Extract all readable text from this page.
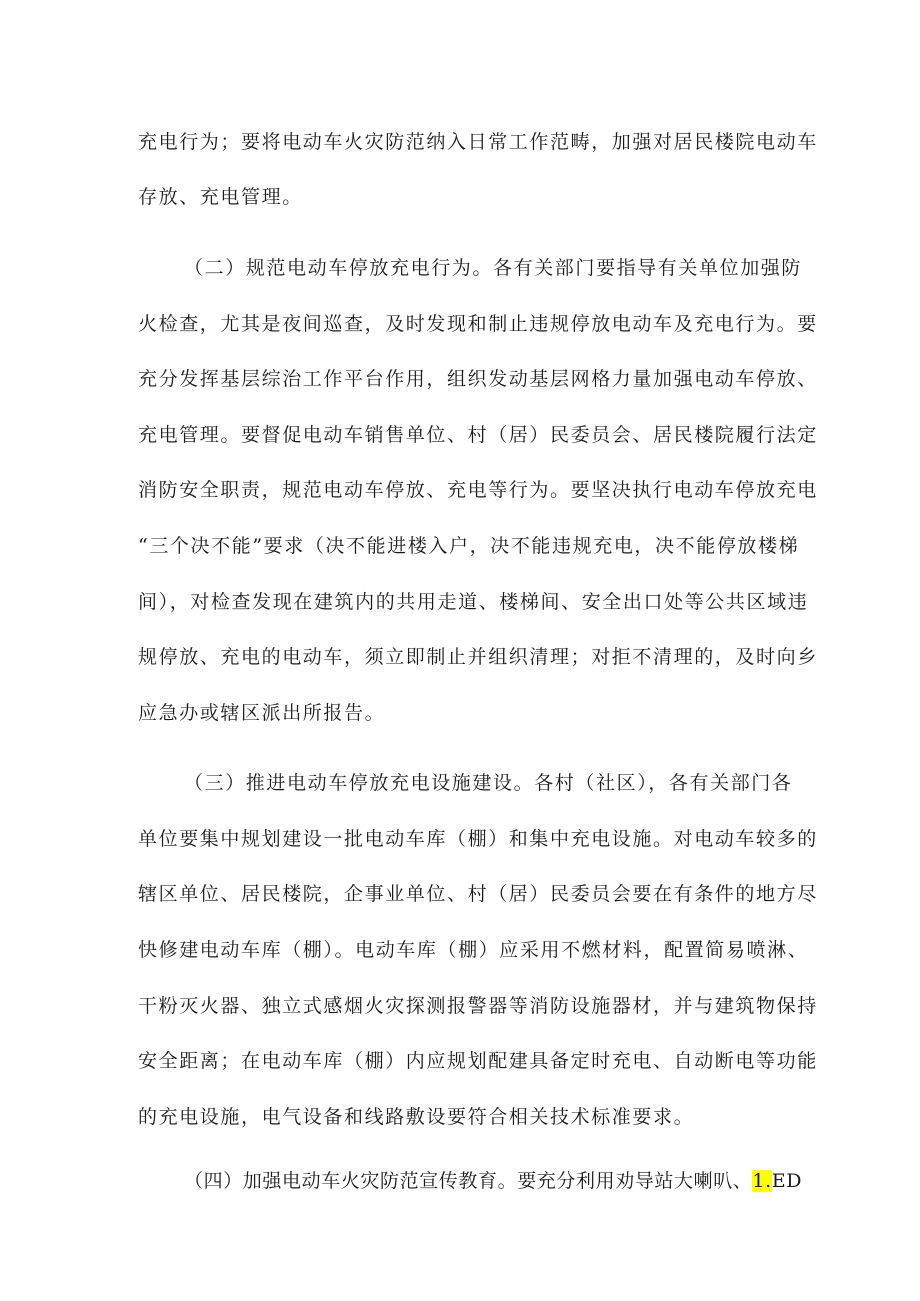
充电行为；要将电动车火灾防范纳入日常工作范畴，加强对居民楼院电动车
存放、充电管理。
（二）规范电动车停放充电行为。各有关部门要指导有关单位加强防
火检查，尤其是夜间巡查，及时发现和制止违规停放电动车及充电行为。要
充分发挥基层综治工作平台作用，组织发动基层网格力量加强电动车停放、
充电管理。要督促电动车销售单位、村（居）民委员会、居民楼院履行法定
消防安全职责，规范电动车停放、充电等行为。要坚决执行电动车停放充电
“三个决不能”要求（决不能进楼入户，决不能违规充电，决不能停放楼梯
间），对检查发现在建筑内的共用走道、楼梯间、安全出口处等公共区域违
规停放、充电的电动车，须立即制止并组织清理；对拒不清理的，及时向乡
应急办或辖区派出所报告。
（三）推进电动车停放充电设施建设。各村（社区），各有关部门各
单位要集中规划建设一批电动车库（棚）和集中充电设施。对电动车较多的
辖区单位、居民楼院，企事业单位、村（居）民委员会要在有条件的地方尽
快修建电动车库（棚）。电动车库（棚）应采用不燃材料，配置简易喷淋、
干粉灭火器、独立式感烟火灾探测报警器等消防设施器材，并与建筑物保持
安全距离；在电动车库（棚）内应规划配建具备定时充电、自动断电等功能
的充电设施，电气设备和线路敷设要符合相关技术标准要求。
（四）加强电动车火灾防范宣传教育。要充分利用劝导站大喇叭、1.ED
